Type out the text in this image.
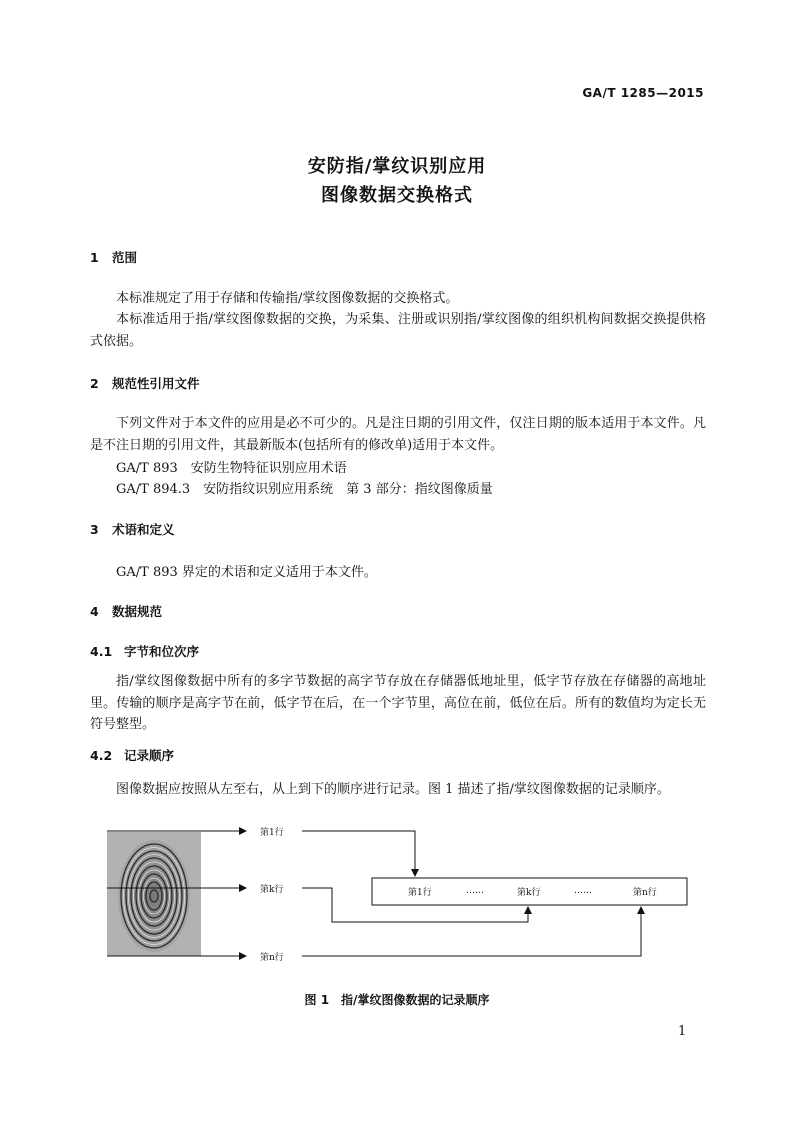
GA/T 1285—2015
安防指/掌纹识别应用
图像数据交换格式
1 范围
本标准规定了用于存储和传输指/掌纹图像数据的交换格式。
本标准适用于指/掌纹图像数据的交换，为采集、注册或识别指/掌纹图像的组织机构间数据交换提供格式依据。
2 规范性引用文件
下列文件对于本文件的应用是必不可少的。凡是注日期的引用文件，仅注日期的版本适用于本文件。凡是不注日期的引用文件，其最新版本(包括所有的修改单)适用于本文件。
GA/T 893　安防生物特征识别应用术语
GA/T 894.3　安防指纹识别应用系统　第 3 部分：指纹图像质量
3 术语和定义
GA/T 893 界定的术语和定义适用于本文件。
4 数据规范
4.1 字节和位次序
指/掌纹图像数据中所有的多字节数据的高字节存放在存储器低地址里，低字节存放在存储器的高地址里。传输的顺序是高字节在前，低字节在后，在一个字节里，高位在前，低位在后。所有的数值均为定长无符号整型。
4.2 记录顺序
图像数据应按照从左至右，从上到下的顺序进行记录。图 1 描述了指/掌纹图像数据的记录顺序。
第1行
第k行
第n行
第1行	……	第k行	……	第n行
图 1　指/掌纹图像数据的记录顺序
1
